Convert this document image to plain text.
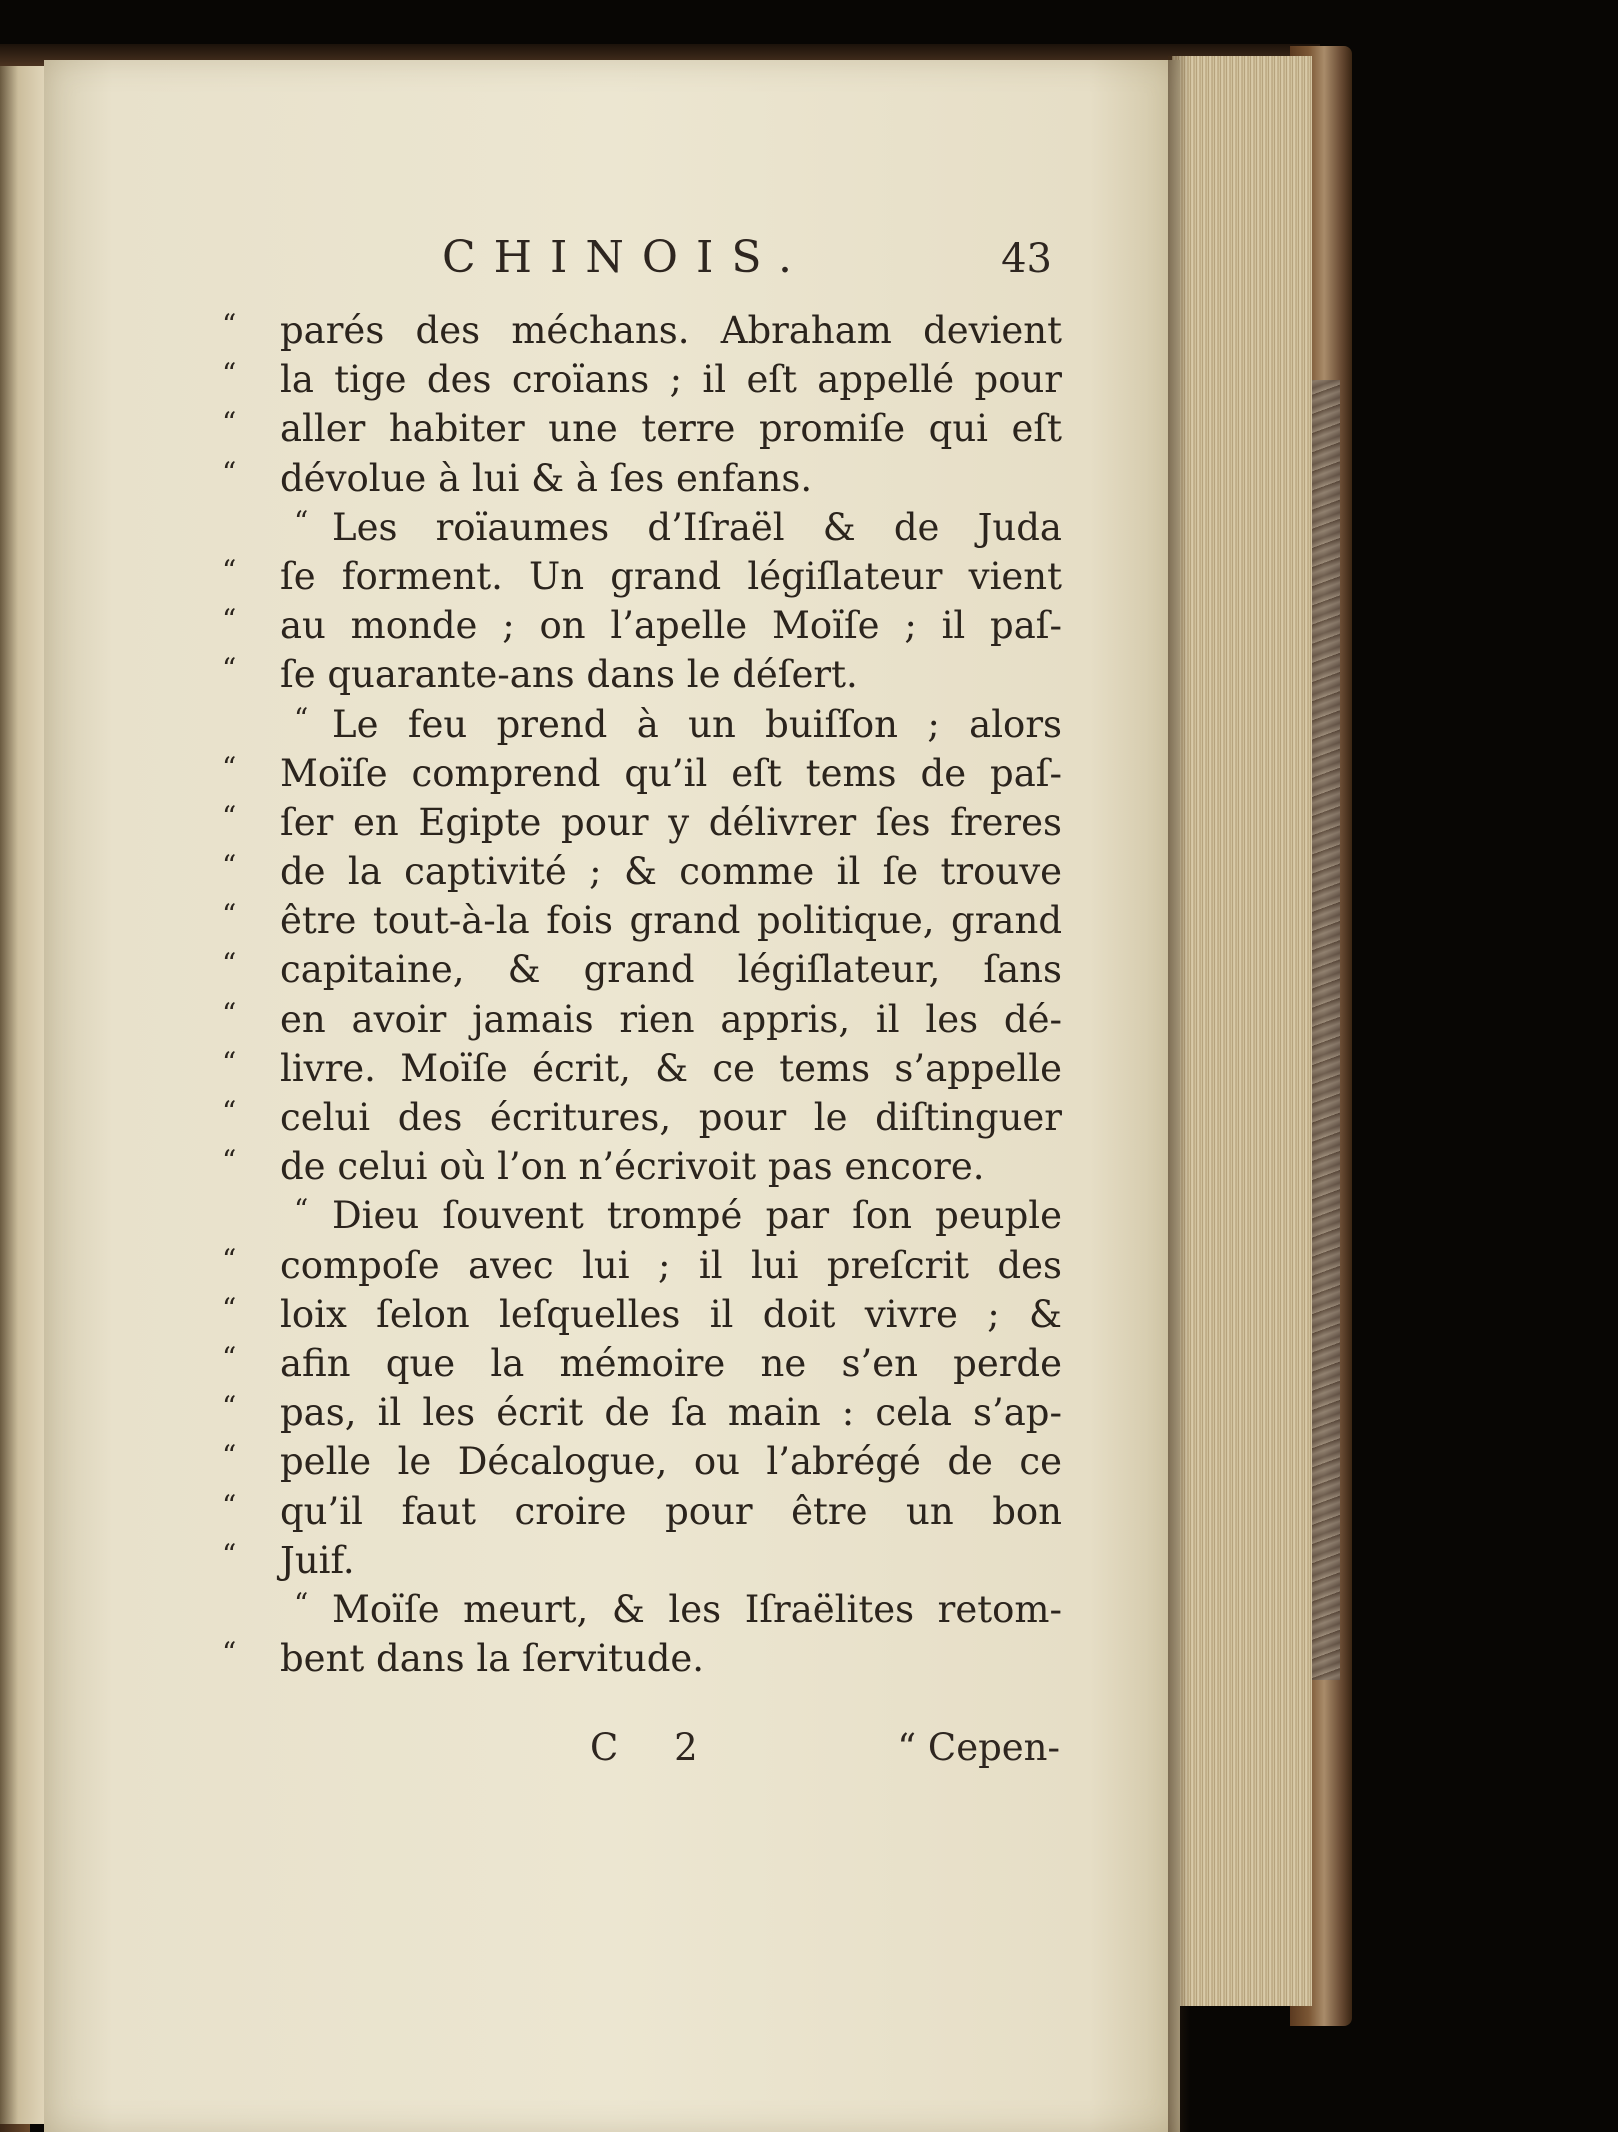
CHINOIS.	43
“	parés des méchans. Abraham devient
“	la tige des croïans ; il eſt appellé pour
“	aller habiter une terre promiſe qui eſt
“	dévolue à lui & à ſes enfans.
“ Les roïaumes d’Iſraël & de Juda
“	ſe forment. Un grand légiſlateur vient
“	au monde ; on l’apelle Moïſe ; il paſ-
“	ſe quarante-ans dans le déſert.
“ Le feu prend à un buiſſon ; alors
“	Moïſe comprend qu’il eſt tems de paſ-
“	ſer en Egipte pour y délivrer ſes freres
“	de la captivité ; & comme il ſe trouve
“	être tout-à-la fois grand politique, grand
“	capitaine, & grand légiſlateur, ſans
“	en avoir jamais rien appris, il les dé-
“	livre. Moïſe écrit, & ce tems s’appelle
“	celui des écritures, pour le diſtinguer
“	de celui où l’on n’écrivoit pas encore.
“ Dieu ſouvent trompé par ſon peuple
“	compoſe avec lui ; il lui preſcrit des
“	loix ſelon leſquelles il doit vivre ; &
“	afin que la mémoire ne s’en perde
“	pas, il les écrit de ſa main : cela s’ap-
“	pelle le Décalogue, ou l’abrégé de ce
“	qu’il faut croire pour être un bon
“	Juif.
“ Moïſe meurt, & les Iſraëlites retom-
“	bent dans la ſervitude.
C 2	“ Cepen-
